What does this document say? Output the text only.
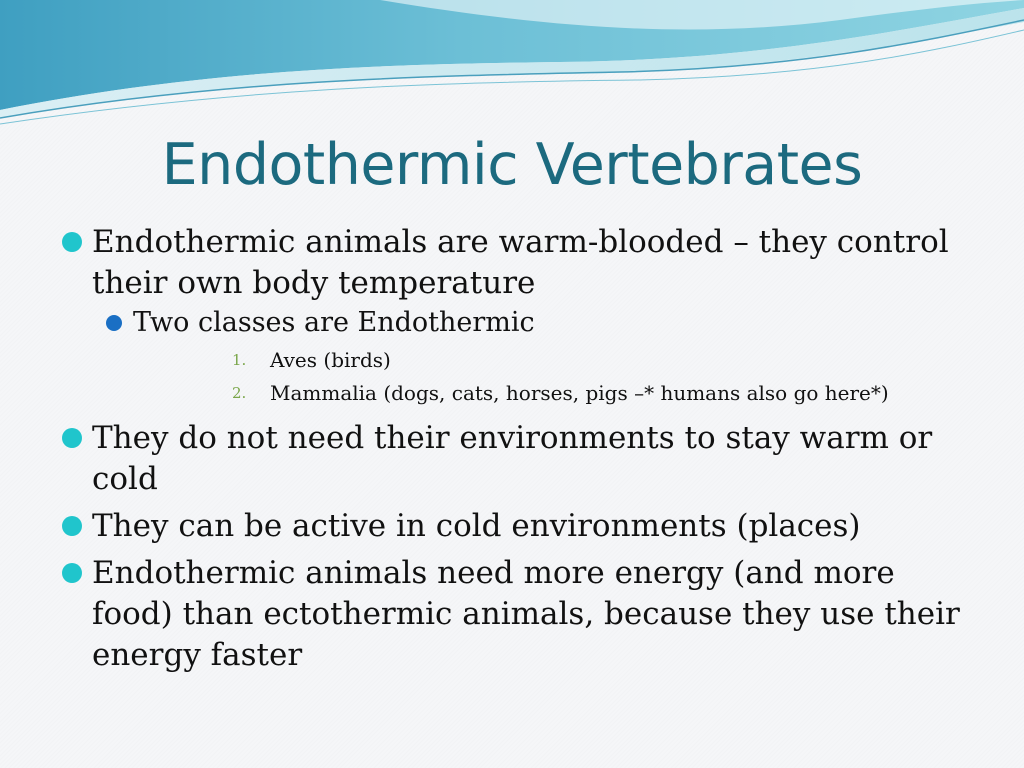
Endothermic Vertebrates
Endothermic animals are warm-blooded – they control their own body temperature
Two classes are Endothermic
1. Aves (birds)
2. Mammalia (dogs, cats, horses, pigs –* humans also go here*)
They do not need their environments to stay warm or cold
They can be active in cold environments (places)
Endothermic animals need more energy (and more food) than ectothermic animals, because they use their energy faster
